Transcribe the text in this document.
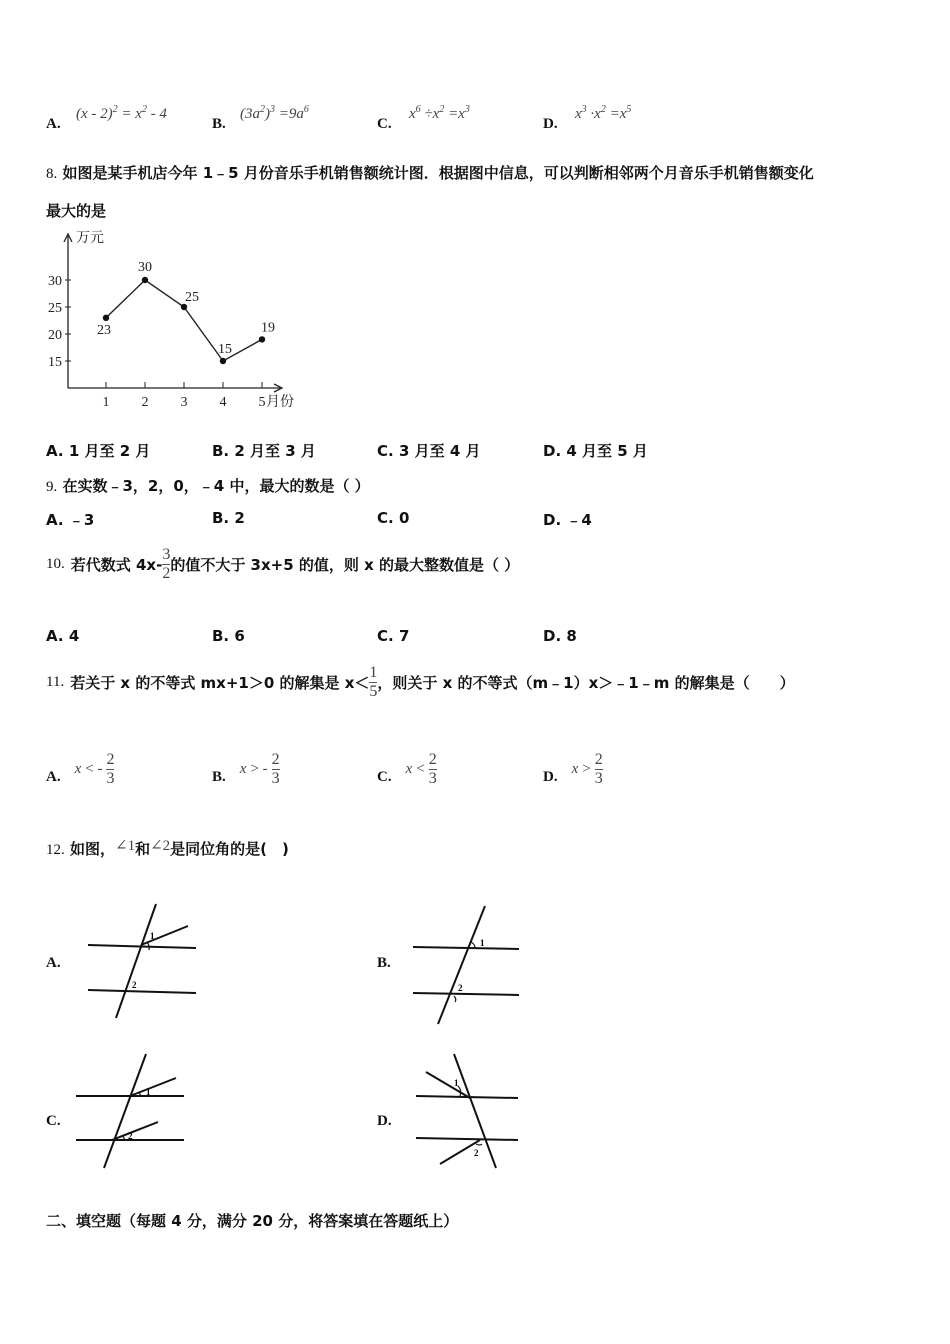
A.
$(x - 2)^2 = x^2 - 4$
B.
$(3a^2)^3 =9a^6$
C.
$x^6 \div x^2 =x^3$
D.
$x^3 \cdot x^2 =x^5$
8. 如图是某手机店今年 1﹣5 月份音乐手机销售额统计图．根据图中信息，可以判断相邻两个月音乐手机销售额变化
最大的是
万元
月份
15
20
25
30
1 2 3 4 5
23
30
25
15
19
A. 1 月至 2 月	B. 2 月至 3 月	C. 3 月至 4 月	D. 4 月至 5 月
9. 在实数﹣3，2，0，﹣4 中，最大的数是（ ）
A. ﹣3	B. 2	C. 0	D. ﹣4
10. 若代数式 $4x- \frac{3}{2}$ 的值不大于 3x+5 的值，则 x 的最大整数值是（ ）
A. 4	B. 6	C. 7	D. 8
11. 若关于 x 的不等式 mx+1＞0 的解集是 $x< \frac{1}{5}$ ，则关于 x 的不等式（m﹣1）x＞﹣1﹣m 的解集是（　　）
A. x < - $\frac{2}{3}$	B. x > - $\frac{2}{3}$	C. $x < \frac{2}{3}$	D. $x > \frac{2}{3}$
12. 如图，∠1和∠2是同位角的是(　)
A.
1
2
B.
1
2
C.
1
2
D.
1
2
二、填空题（每题 4 分，满分 20 分，将答案填在答题纸上）
